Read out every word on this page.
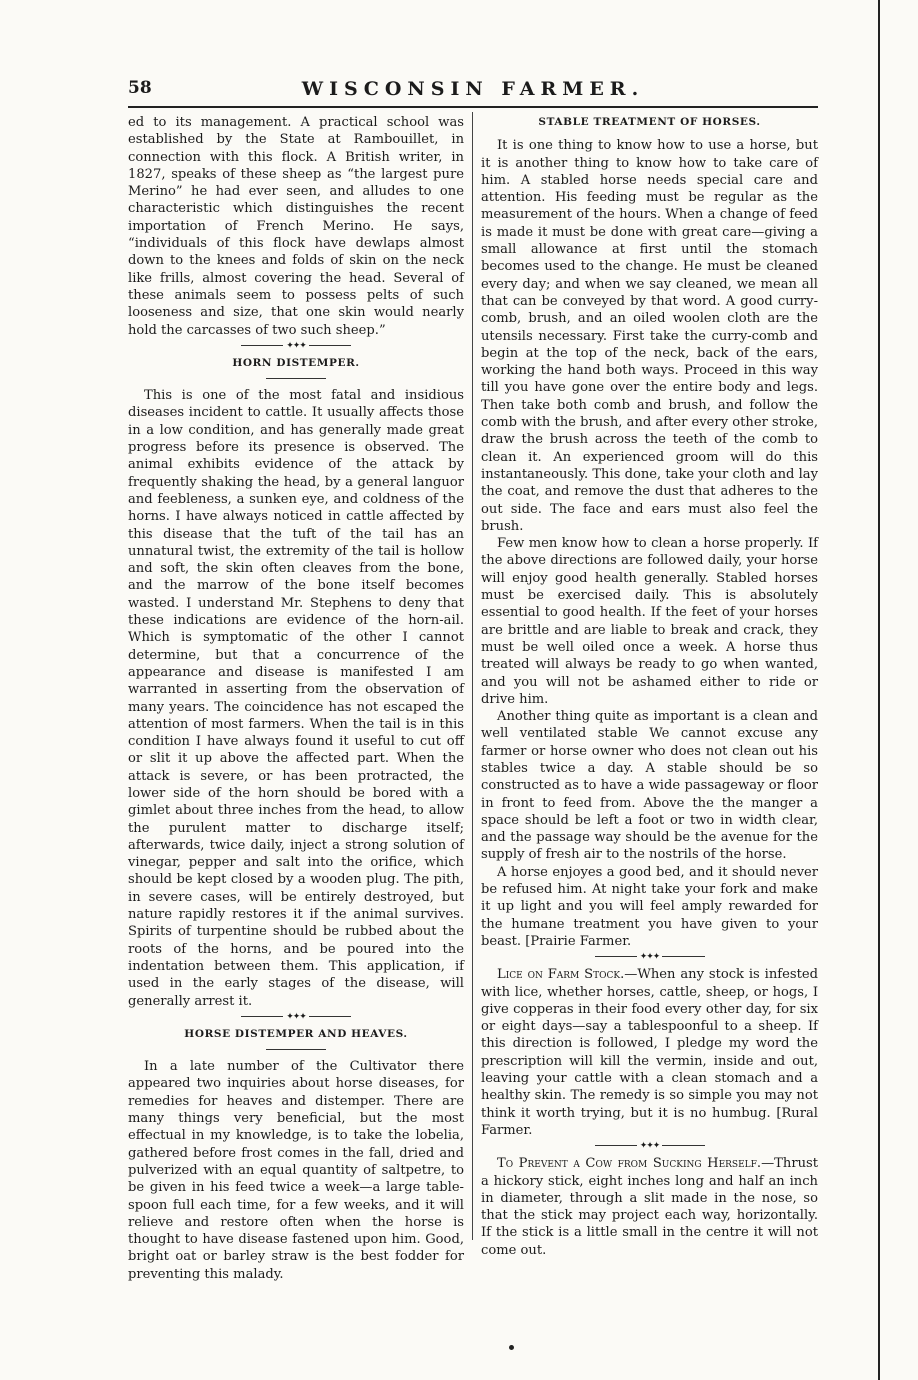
WISCONSIN FARMER.
58

ed to its management. A practical school was established by the State at Rambouillet, in connection with this flock. A British writer, in 1827, speaks of these sheep as “the largest pure Merino” he had ever seen, and alludes to one characteristic which distinguishes the recent importation of French Merino. He says, “individuals of this flock have dewlaps almost down to the knees and folds of skin on the neck like frills, almost covering the head. Several of these animals seem to possess pelts of such looseness and size, that one skin would nearly hold the carcasses of two such sheep.”

✦✦✦
HORN DISTEMPER.

This is one of the most fatal and insidious diseases incident to cattle. It usually affects those in a low condition, and has generally made great progress before its presence is observed. The animal exhibits evidence of the attack by frequently shaking the head, by a general languor and feebleness, a sunken eye, and coldness of the horns. I have always noticed in cattle affected by this disease that the tuft of the tail has an unnatural twist, the extremity of the tail is hollow and soft, the skin often cleaves from the bone, and the marrow of the bone itself becomes wasted. I understand Mr. Stephens to deny that these indications are evidence of the horn-ail. Which is symptomatic of the other I cannot determine, but that a concurrence of the appearance and disease is manifested I am warranted in asserting from the observation of many years. The coincidence has not escaped the attention of most farmers. When the tail is in this condition I have always found it useful to cut off or slit it up above the affected part. When the attack is severe, or has been protracted, the lower side of the horn should be bored with a gimlet about three inches from the head, to allow the purulent matter to discharge itself; afterwards, twice daily, inject a strong solution of vinegar, pepper and salt into the orifice, which should be kept closed by a wooden plug. The pith, in severe cases, will be entirely destroyed, but nature rapidly restores it if the animal survives. Spirits of turpentine should be rubbed about the roots of the horns, and be poured into the indentation between them. This application, if used in the early stages of the disease, will generally arrest it.

✦✦✦
HORSE DISTEMPER AND HEAVES.

In a late number of the Cultivator there appeared two inquiries about horse diseases, for remedies for heaves and distemper. There are many things very beneficial, but the most effectual in my knowledge, is to take the lobelia, gathered before frost comes in the fall, dried and pulverized with an equal quantity of saltpetre, to be given in his feed twice a week—a large table-spoon full each time, for a few weeks, and it will relieve and restore often when the horse is thought to have disease fastened upon him. Good, bright oat or barley straw is the best fodder for preventing this malady.

STABLE TREATMENT OF HORSES.

It is one thing to know how to use a horse, but it is another thing to know how to take care of him. A stabled horse needs special care and attention. His feeding must be regular as the measurement of the hours. When a change of feed is made it must be done with great care—giving a small allowance at first until the stomach becomes used to the change. He must be cleaned every day; and when we say cleaned, we mean all that can be conveyed by that word. A good curry-comb, brush, and an oiled woolen cloth are the utensils necessary. First take the curry-comb and begin at the top of the neck, back of the ears, working the hand both ways. Proceed in this way till you have gone over the entire body and legs. Then take both comb and brush, and follow the comb with the brush, and after every other stroke, draw the brush across the teeth of the comb to clean it. An experienced groom will do this instantaneously. This done, take your cloth and lay the coat, and remove the dust that adheres to the out side. The face and ears must also feel the brush.

Few men know how to clean a horse properly. If the above directions are followed daily, your horse will enjoy good health generally. Stabled horses must be exercised daily. This is absolutely essential to good health. If the feet of your horses are brittle and are liable to break and crack, they must be well oiled once a week. A horse thus treated will always be ready to go when wanted, and you will not be ashamed either to ride or drive him.

Another thing quite as important is a clean and well ventilated stable We cannot excuse any farmer or horse owner who does not clean out his stables twice a day. A stable should be so constructed as to have a wide passageway or floor in front to feed from. Above the the manger a space should be left a foot or two in width clear, and the passage way should be the avenue for the supply of fresh air to the nostrils of the horse.

A horse enjoyes a good bed, and it should never be refused him. At night take your fork and make it up light and you will feel amply rewarded for the humane treatment you have given to your beast. [Prairie Farmer.

✦✦✦

Lice on Farm Stock.—When any stock is infested with lice, whether horses, cattle, sheep, or hogs, I give copperas in their food every other day, for six or eight days—say a tablespoonful to a sheep. If this direction is followed, I pledge my word the prescription will kill the vermin, inside and out, leaving your cattle with a clean stomach and a healthy skin. The remedy is so simple you may not think it worth trying, but it is no humbug. [Rural Farmer.

✦✦✦

To Prevent a Cow from Sucking Herself.—Thrust a hickory stick, eight inches long and half an inch in diameter, through a slit made in the nose, so that the stick may project each way, horizontally. If the stick is a little small in the centre it will not come out.
